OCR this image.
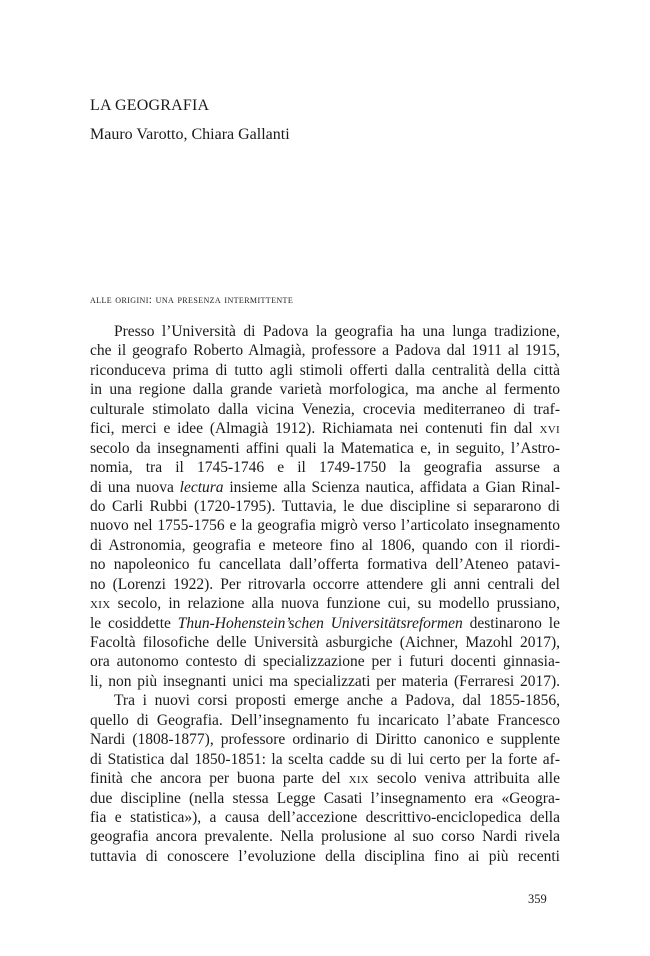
LA GEOGRAFIA
Mauro Varotto, Chiara Gallanti
alle origini: una presenza intermittente
Presso l’Università di Padova la geografia ha una lunga tradizione,
che il geografo Roberto Almagià, professore a Padova dal 1911 al 1915,
riconduceva prima di tutto agli stimoli offerti dalla centralità della città
in una regione dalla grande varietà morfologica, ma anche al fermento
culturale stimolato dalla vicina Venezia, crocevia mediterraneo di traf-
fici, merci e idee (Almagià 1912). Richiamata nei contenuti fin dal xvi
secolo da insegnamenti affini quali la Matematica e, in seguito, l’Astro-
nomia, tra il 1745-1746 e il 1749-1750 la geografia assurse a
di una nuova lectura insieme alla Scienza nautica, affidata a Gian Rinal-
do Carli Rubbi (1720-1795). Tuttavia, le due discipline si separarono di
nuovo nel 1755-1756 e la geografia migrò verso l’articolato insegnamento
di Astronomia, geografia e meteore fino al 1806, quando con il riordi-
no napoleonico fu cancellata dall’offerta formativa dell’Ateneo patavi-
no (Lorenzi 1922). Per ritrovarla occorre attendere gli anni centrali del
xix secolo, in relazione alla nuova funzione cui, su modello prussiano,
le cosiddette Thun-Hohenstein’schen Universitätsreformen destinarono le
Facoltà filosofiche delle Università asburgiche (Aichner, Mazohl 2017),
ora autonomo contesto di specializzazione per i futuri docenti ginnasia-
li, non più insegnanti unici ma specializzati per materia (Ferraresi 2017).
Tra i nuovi corsi proposti emerge anche a Padova, dal 1855-1856,
quello di Geografia. Dell’insegnamento fu incaricato l’abate Francesco
Nardi (1808-1877), professore ordinario di Diritto canonico e supplente
di Statistica dal 1850-1851: la scelta cadde su di lui certo per la forte af-
finità che ancora per buona parte del xix secolo veniva attribuita alle
due discipline (nella stessa Legge Casati l’insegnamento era «Geogra-
fia e statistica»), a causa dell’accezione descrittivo-enciclopedica della
geografia ancora prevalente. Nella prolusione al suo corso Nardi rivela
tuttavia di conoscere l’evoluzione della disciplina fino ai più recenti
359
